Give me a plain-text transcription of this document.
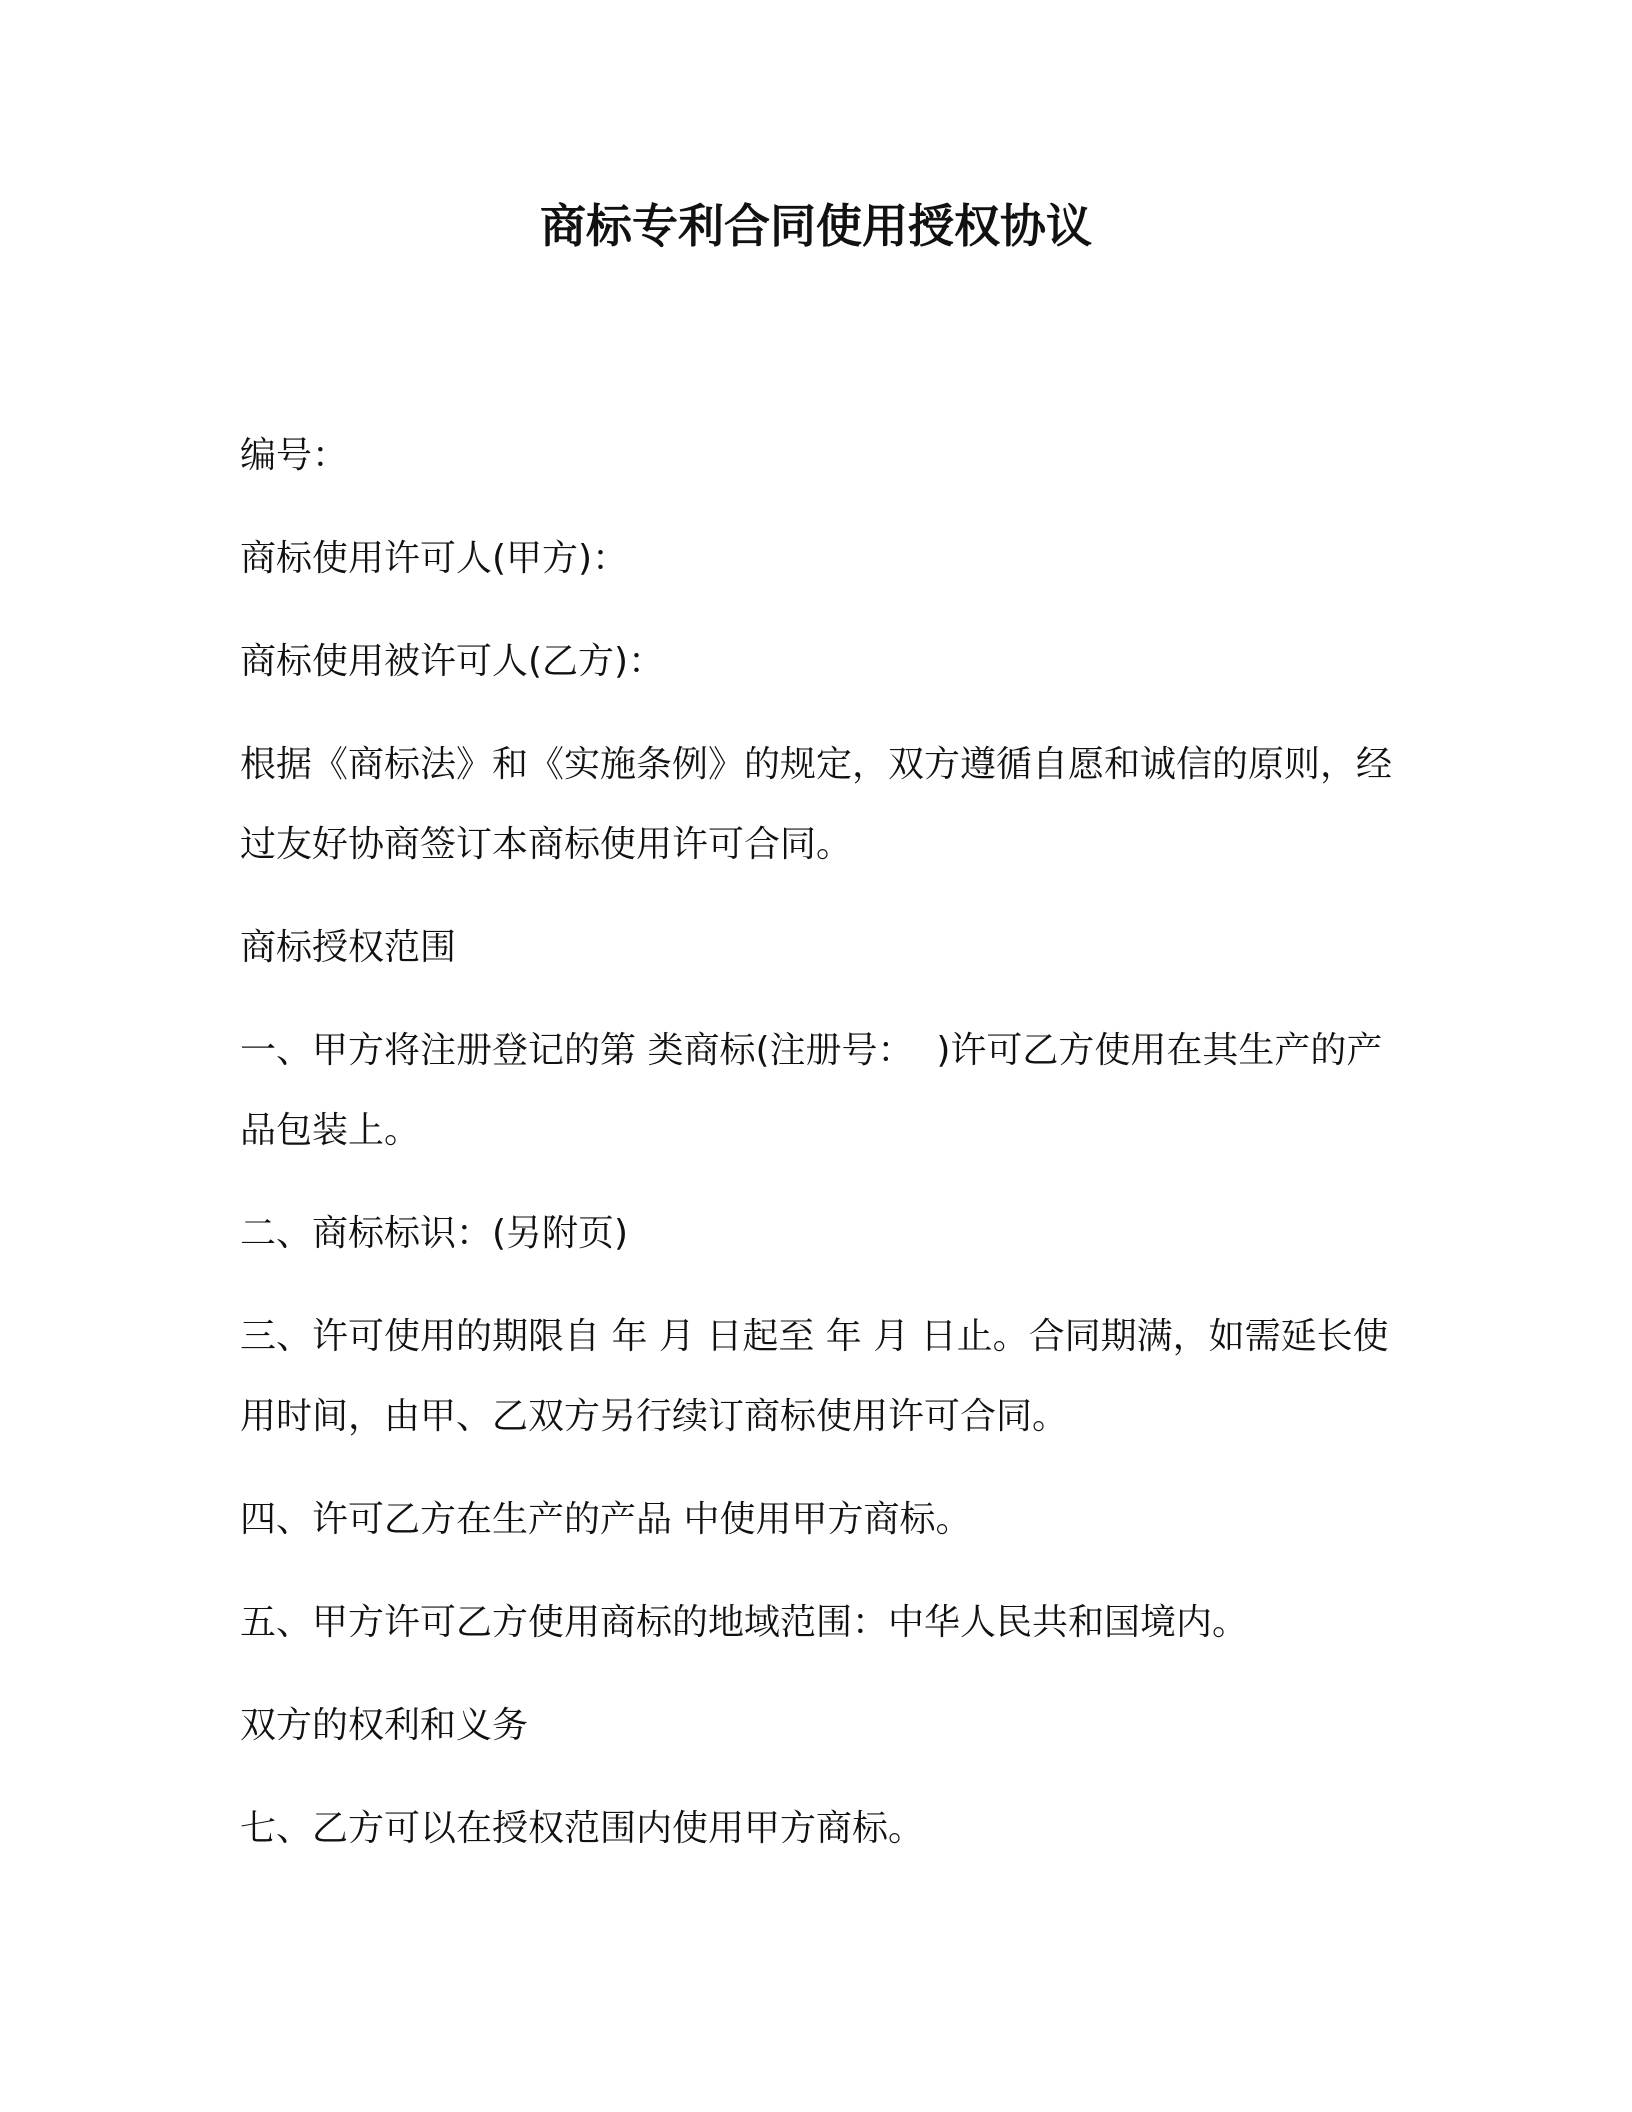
商标专利合同使用授权协议

编号：

商标使用许可人(甲方)：

商标使用被许可人(乙方)：

根据《商标法》和《实施条例》的规定，双方遵循自愿和诚信的原则，经过友好协商签订本商标使用许可合同。

商标授权范围

一、甲方将注册登记的第 类商标(注册号：  )许可乙方使用在其生产的产品包装上。

二、商标标识：(另附页)

三、许可使用的期限自 年 月 日起至 年 月 日止。合同期满，如需延长使用时间，由甲、乙双方另行续订商标使用许可合同。

四、许可乙方在生产的产品 中使用甲方商标。

五、甲方许可乙方使用商标的地域范围：中华人民共和国境内。

双方的权利和义务

七、乙方可以在授权范围内使用甲方商标。
